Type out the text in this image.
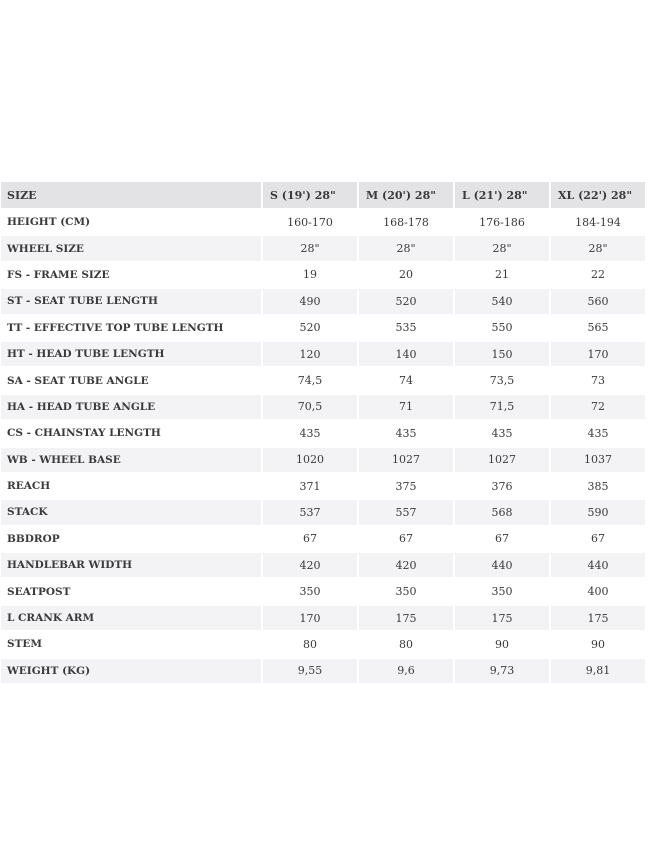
SIZE	S (19') 28"	M (20') 28"	L (21') 28"	XL (22') 28"
HEIGHT (CM)	160-170	168-178	176-186	184-194
WHEEL SIZE	28"	28"	28"	28"
FS - FRAME SIZE	19	20	21	22
ST - SEAT TUBE LENGTH	490	520	540	560
TT - EFFECTIVE TOP TUBE LENGTH	520	535	550	565
HT - HEAD TUBE LENGTH	120	140	150	170
SA - SEAT TUBE ANGLE	74,5	74	73,5	73
HA - HEAD TUBE ANGLE	70,5	71	71,5	72
CS - CHAINSTAY LENGTH	435	435	435	435
WB - WHEEL BASE	1020	1027	1027	1037
REACH	371	375	376	385
STACK	537	557	568	590
BBDROP	67	67	67	67
HANDLEBAR WIDTH	420	420	440	440
SEATPOST	350	350	350	400
L CRANK ARM	170	175	175	175
STEM	80	80	90	90
WEIGHT (KG)	9,55	9,6	9,73	9,81
